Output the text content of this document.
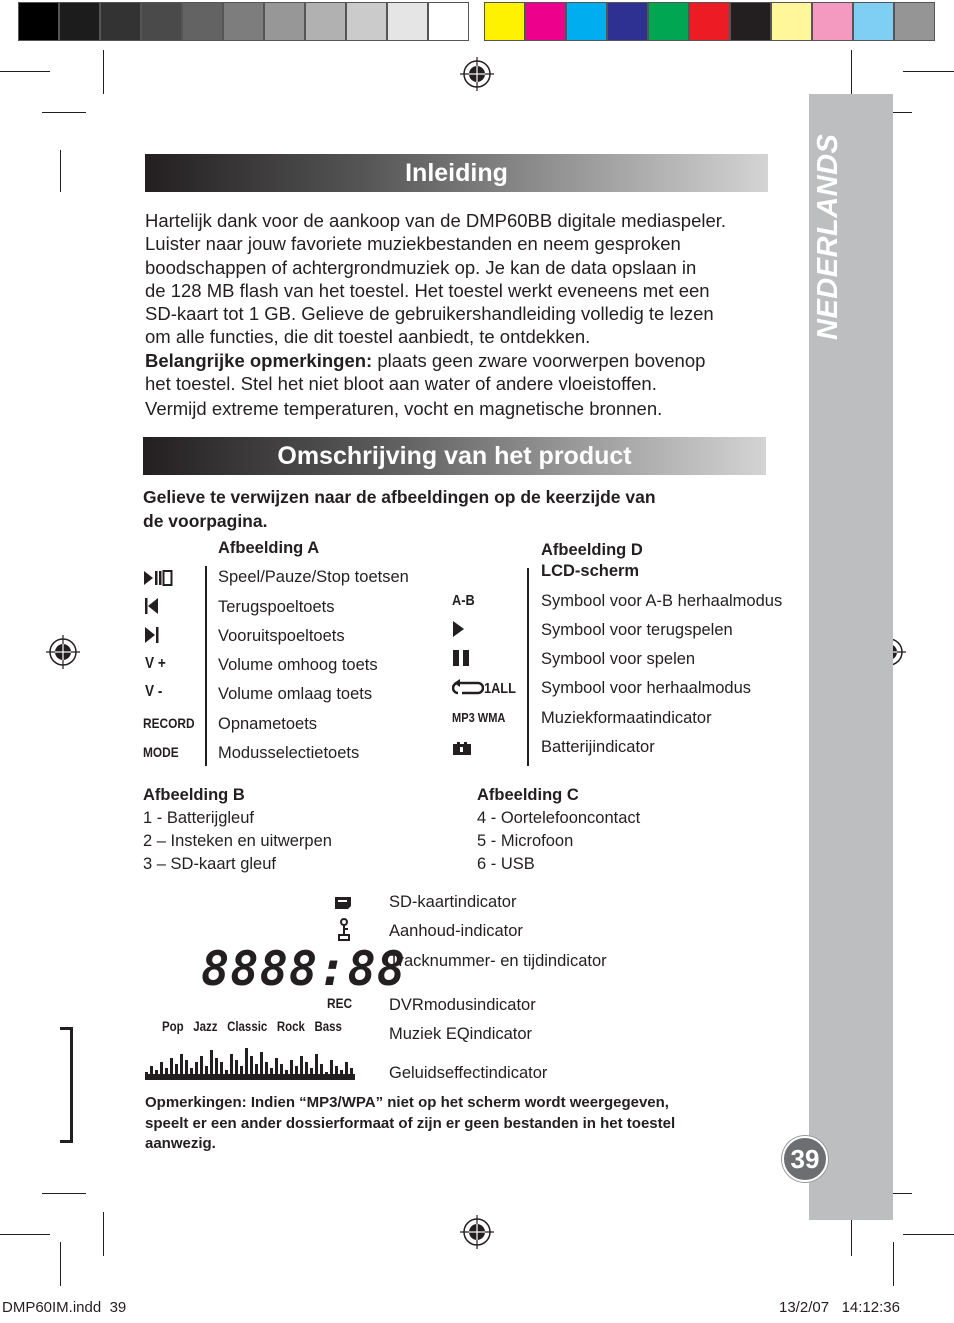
NEDERLANDS
39
Inleiding
Hartelijk dank voor de aankoop van de DMP60BB digitale mediaspeler.
Luister naar jouw favoriete muziekbestanden en neem gesproken
boodschappen of achtergrondmuziek op. Je kan de data opslaan in
de 128 MB flash van het toestel. Het toestel werkt eveneens met een
SD-kaart tot 1 GB. Gelieve de gebruikershandleiding volledig te lezen
om alle functies, die dit toestel aanbiedt, te ontdekken.
Belangrijke opmerkingen: plaats geen zware voorwerpen bovenop
het toestel. Stel het niet bloot aan water of andere vloeistoffen.
Vermijd extreme temperaturen, vocht en magnetische bronnen.
Omschrijving van het product
Gelieve te verwijzen naar de afbeeldingen op de keerzijde van
de voorpagina.
Afbeelding A
V +
V -
RECORD
MODE
Speel/Pauze/Stop toetsen
Terugspoeltoets
Vooruitspoeltoets
Volume omhoog toets
Volume omlaag toets
Opnametoets
Modusselectietoets
Afbeelding D
LCD-scherm
A-B
1ALL
MP3 WMA
Symbool voor A-B herhaalmodus
Symbool voor terugspelen
Symbool voor spelen
Symbool voor herhaalmodus
Muziekformaatindicator
Batterijindicator
Afbeelding B
1 - Batterijgleuf
2 – Insteken en uitwerpen
3 – SD-kaart gleuf
Afbeelding C
4 - Oortelefooncontact
5 - Microfoon
6 - USB
8888:88
REC
Pop Jazz Classic Rock Bass
SD-kaartindicator
Aanhoud-indicator
Tracknummer- en tijdindicator
DVRmodusindicator
Muziek EQindicator
Geluidseffectindicator
Opmerkingen: Indien “MP3/WPA” niet op het scherm wordt weergegeven,
speelt er een ander dossierformaat of zijn er geen bestanden in het toestel
aanwezig.
DMP60IM.indd 39	13/2/07 14:12:36
